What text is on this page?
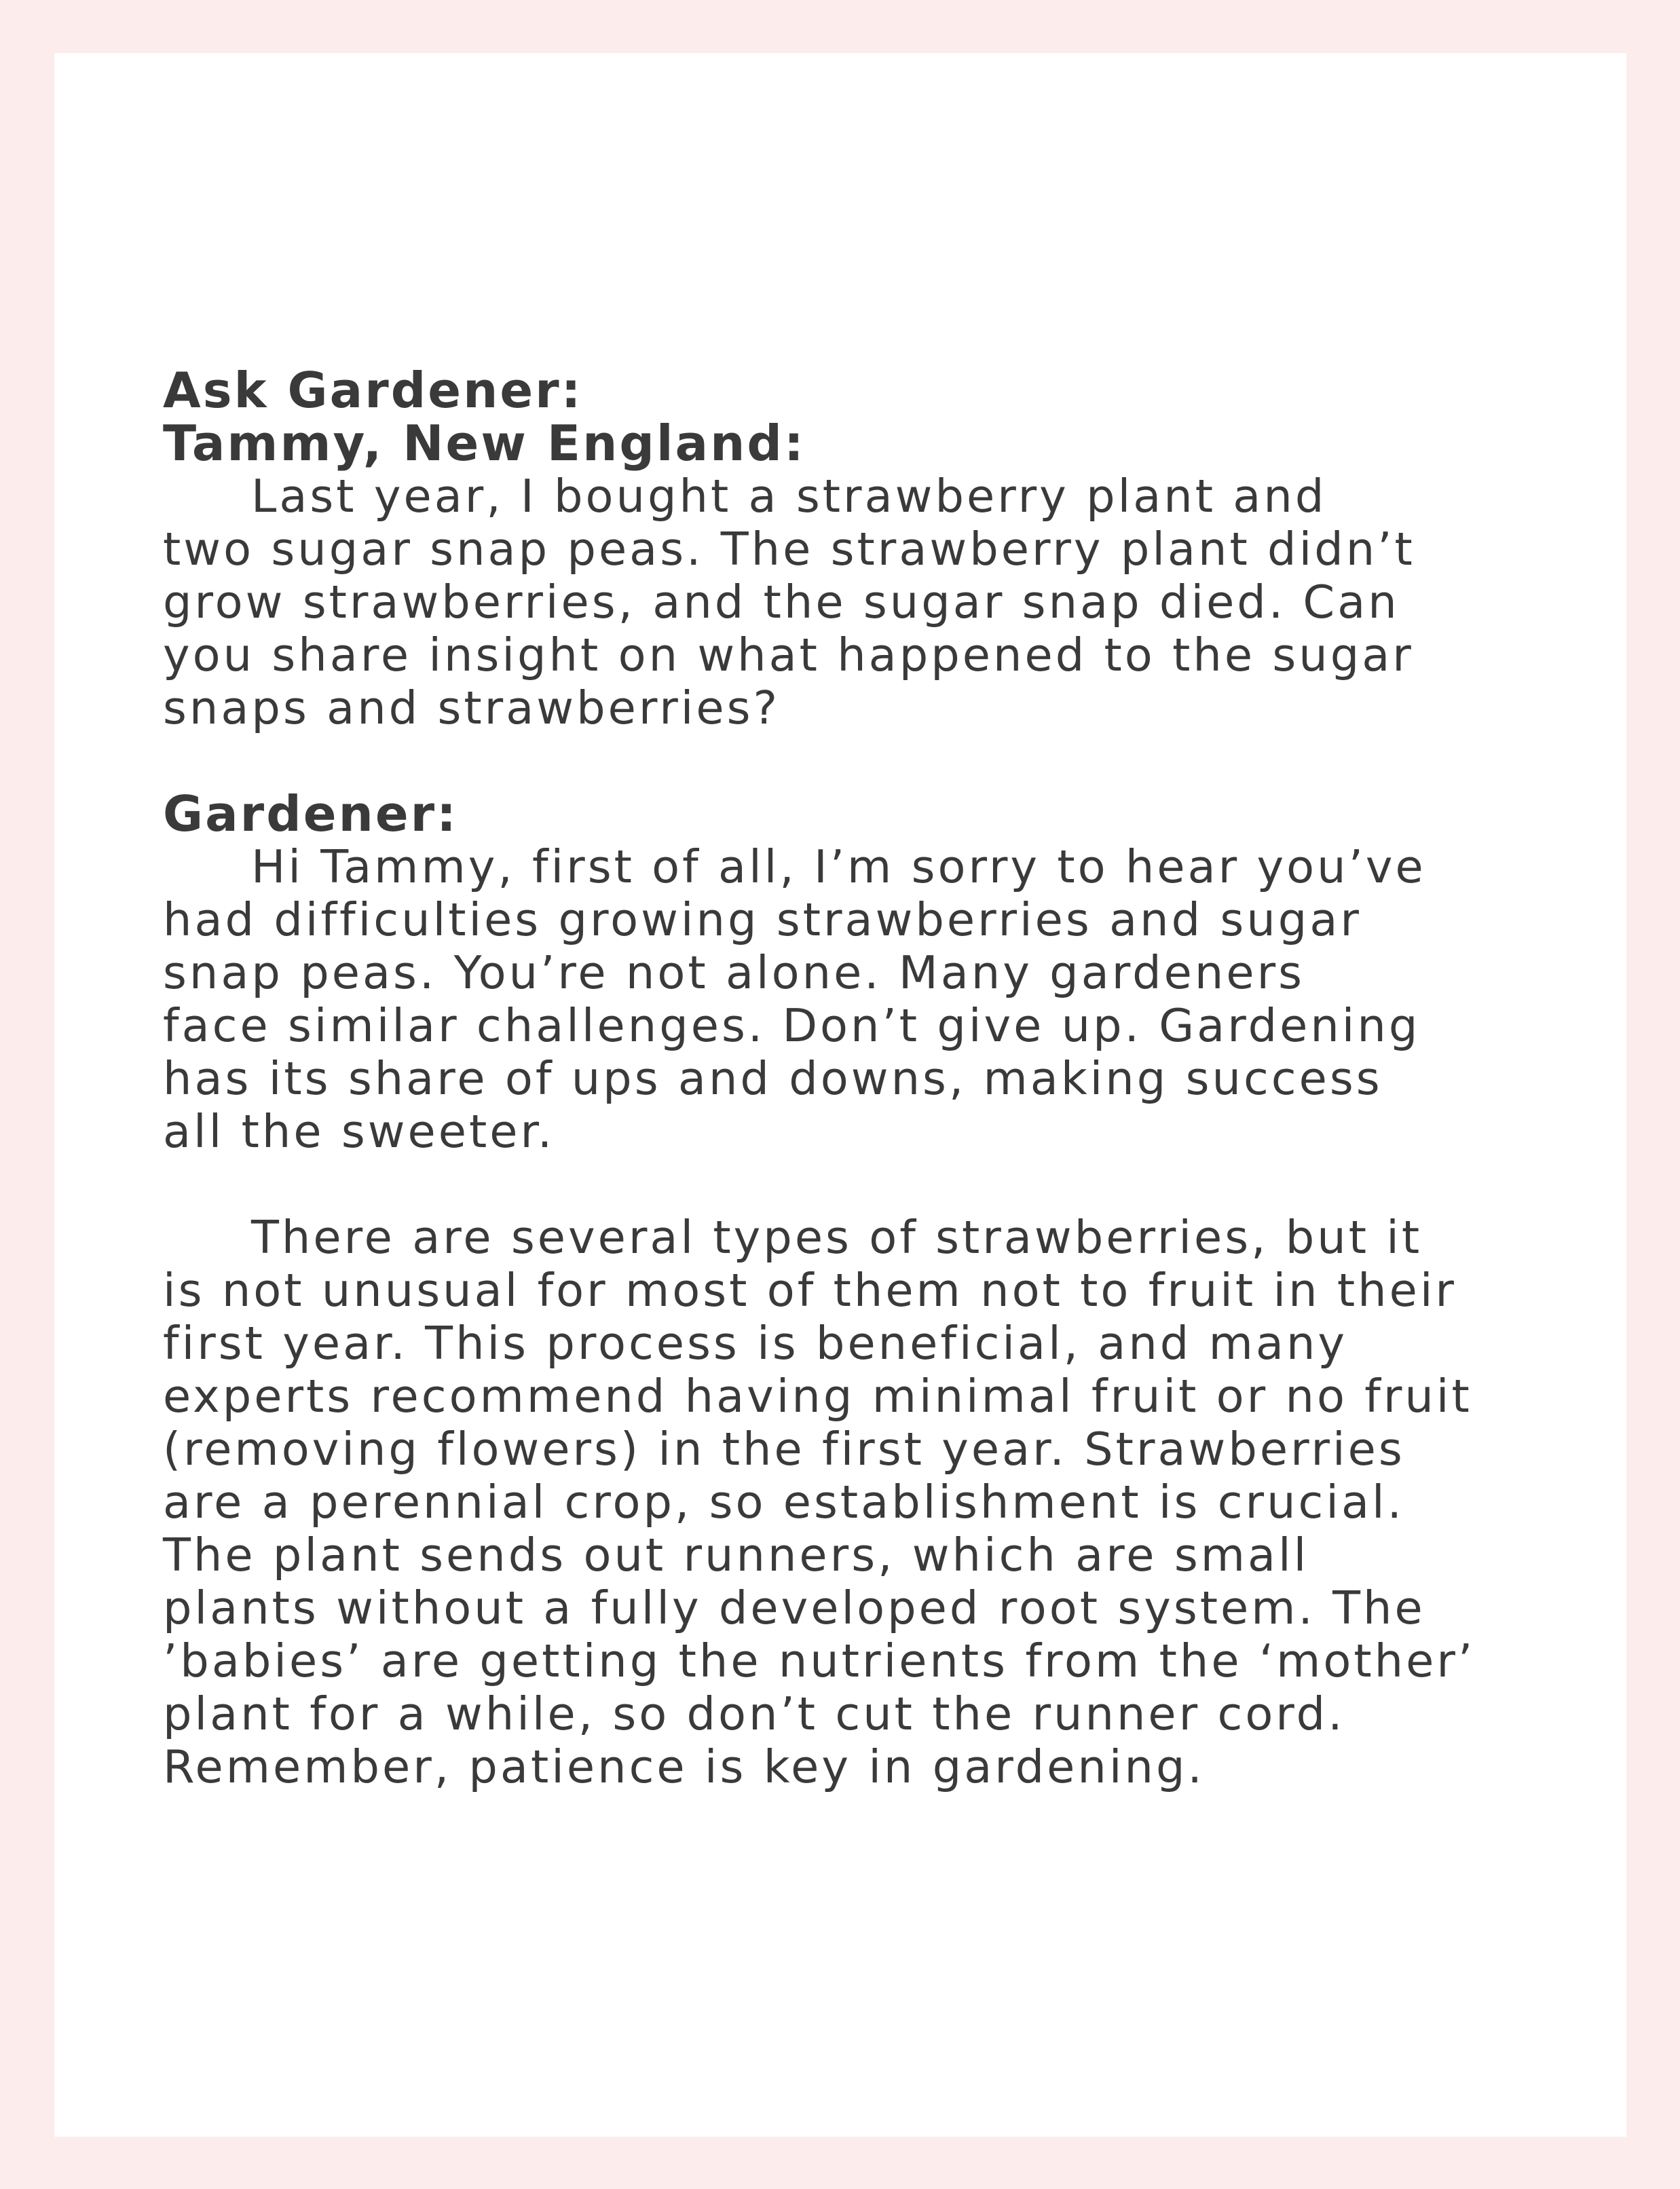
Ask Gardener:
Tammy, New England:

Last year, I bought a strawberry plant and
two sugar snap peas. The strawberry plant didn’t
grow strawberries, and the sugar snap died. Can
you share insight on what happened to the sugar
snaps and strawberries?

Gardener:

Hi Tammy, first of all, I’m sorry to hear you’ve
had difficulties growing strawberries and sugar
snap peas. You’re not alone. Many gardeners
face similar challenges. Don’t give up. Gardening
has its share of ups and downs, making success
all the sweeter.

There are several types of strawberries, but it
is not unusual for most of them not to fruit in their
first year. This process is beneficial, and many
experts recommend having minimal fruit or no fruit
(removing flowers) in the first year. Strawberries
are a perennial crop, so establishment is crucial.
The plant sends out runners, which are small
plants without a fully developed root system. The
’babies’ are getting the nutrients from the ‘mother’
plant for a while, so don’t cut the runner cord.
Remember, patience is key in gardening.
